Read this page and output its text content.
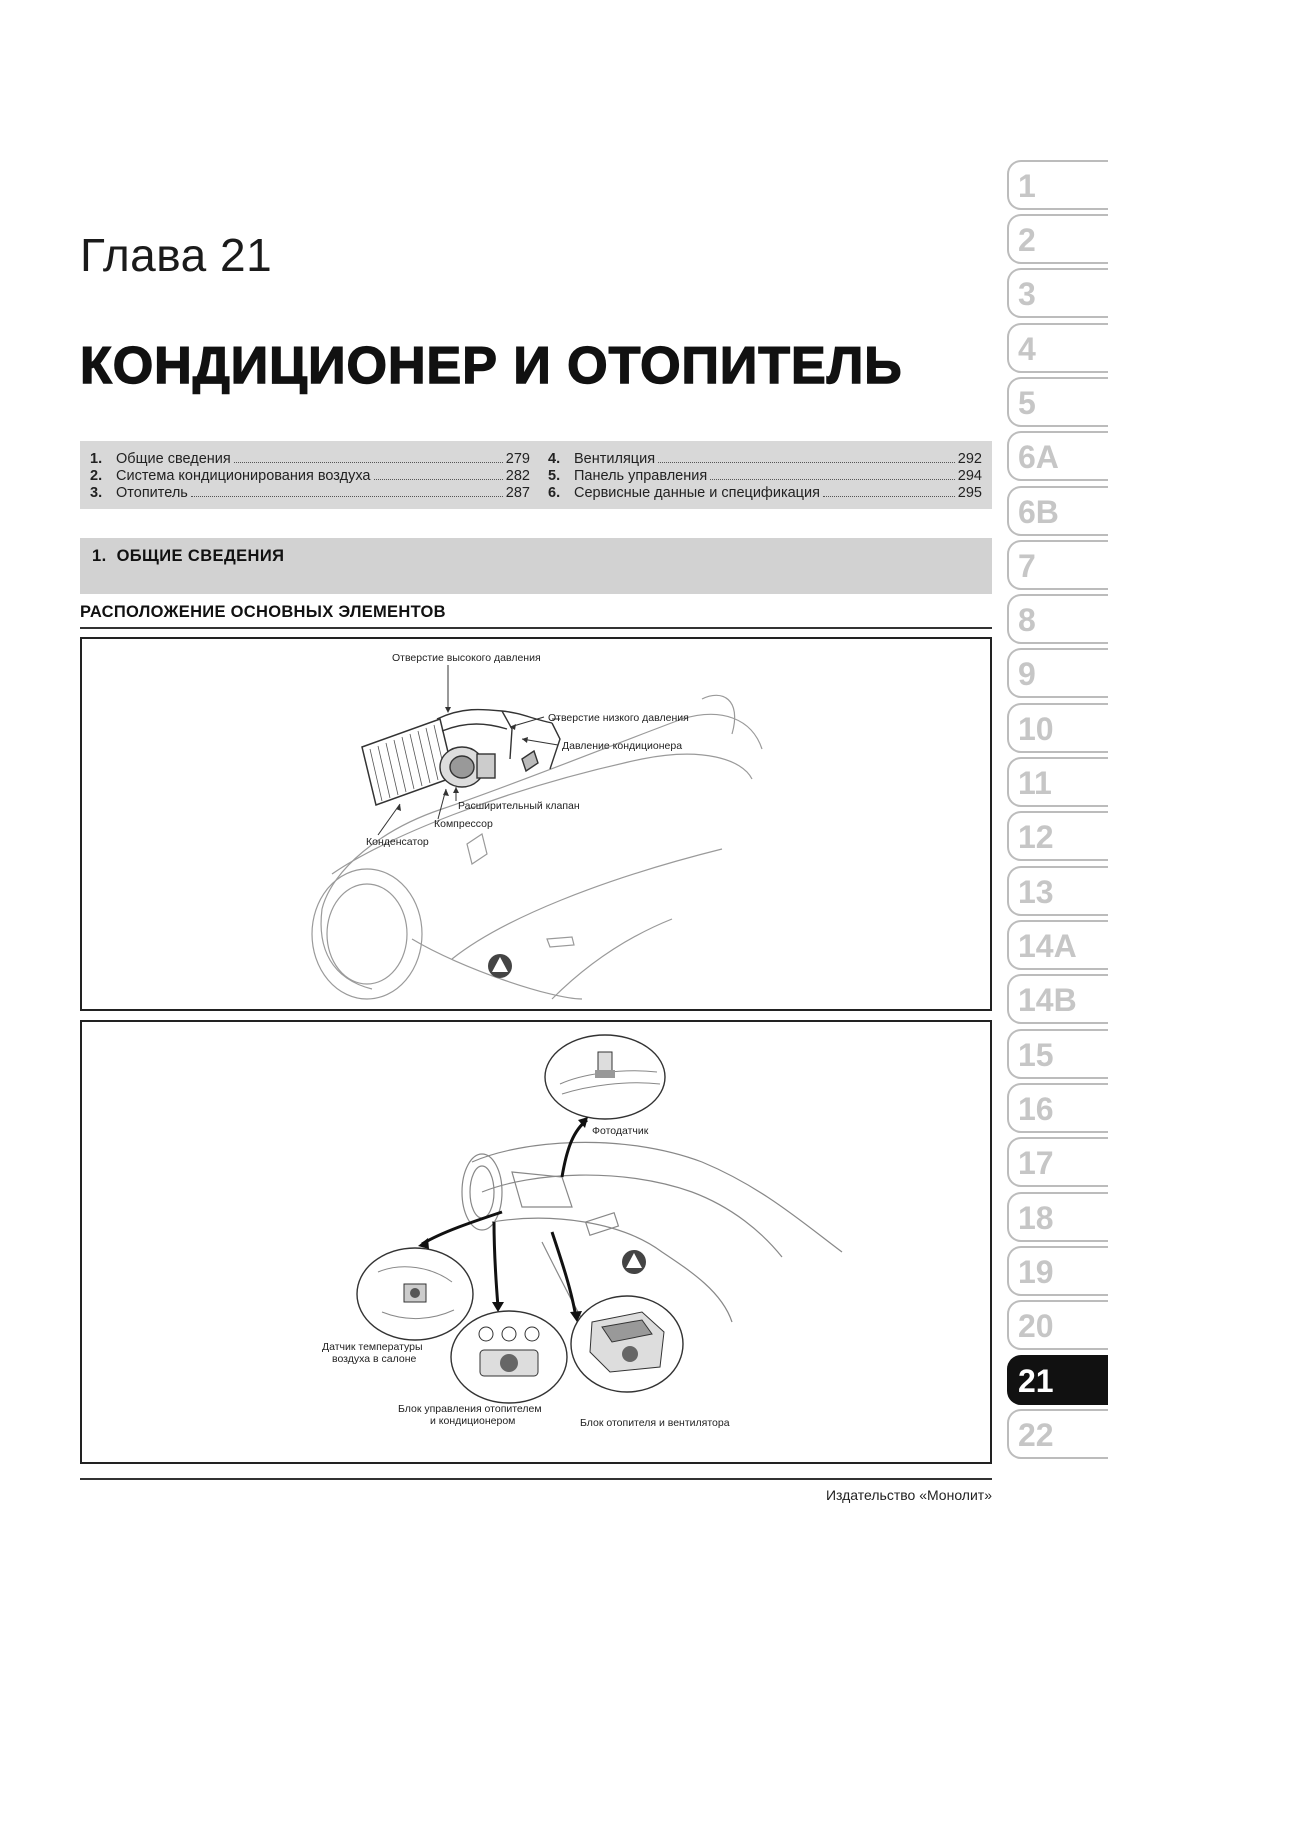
Глава 21
КОНДИЦИОНЕР И ОТОПИТЕЛЬ
1. Общие сведения	279
2. Система кондиционирования воздуха	282
3. Отопитель	287
4. Вентиляция	292
5. Панель управления	294
6. Сервисные данные и спецификация	295
1. ОБЩИЕ СВЕДЕНИЯ
РАСПОЛОЖЕНИЕ ОСНОВНЫХ ЭЛЕМЕНТОВ
Отверстие высокого давления
Отверстие низкого давления
Давление кондиционера
Расширительный клапан
Компрессор
Конденсатор
Фотодатчик
Датчик температуры
воздуха в салоне
Блок управления отопителем
и кондиционером	Блок отопителя и вентилятора
Издательство «Монолит»
1
2
3
4
5
6A
6B
7
8
9
10
11
12
13
14A
14B
15
16
17
18
19
20
21
22
